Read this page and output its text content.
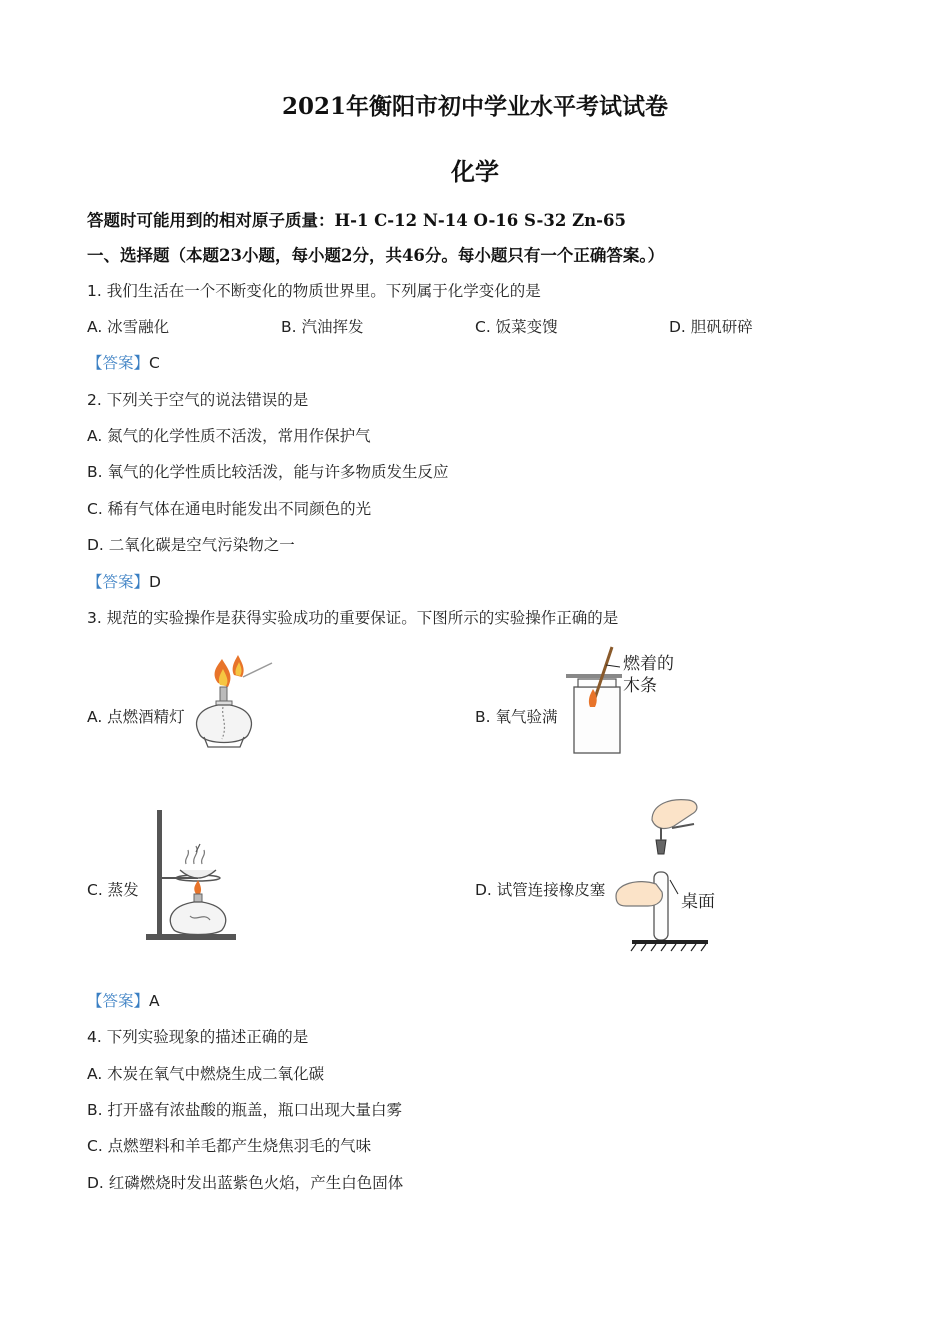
2021年衡阳市初中学业水平考试试卷
化学
答题时可能用到的相对原子质量：H-1 C-12 N-14 O-16 S-32 Zn-65
一、选择题（本题23小题，每小题2分，共46分。每小题只有一个正确答案。）
1. 我们生活在一个不断变化的物质世界里。下列属于化学变化的是
A. 冰雪融化	B. 汽油挥发	C. 饭菜变馊	D. 胆矾研碎
【答案】C
2. 下列关于空气的说法错误的是
A. 氮气的化学性质不活泼，常用作保护气
B. 氧气的化学性质比较活泼，能与许多物质发生反应
C. 稀有气体在通电时能发出不同颜色的光
D. 二氧化碳是空气污染物之一
【答案】D
3. 规范的实验操作是获得实验成功的重要保证。下图所示的实验操作正确的是
A. 点燃酒精灯	B. 氧气验满
C. 蒸发	D. 试管连接橡皮塞
燃着的
木条
桌面
【答案】A
4. 下列实验现象的描述正确的是
A. 木炭在氧气中燃烧生成二氧化碳
B. 打开盛有浓盐酸的瓶盖，瓶口出现大量白雾
C. 点燃塑料和羊毛都产生烧焦羽毛的气味
D. 红磷燃烧时发出蓝紫色火焰，产生白色固体
